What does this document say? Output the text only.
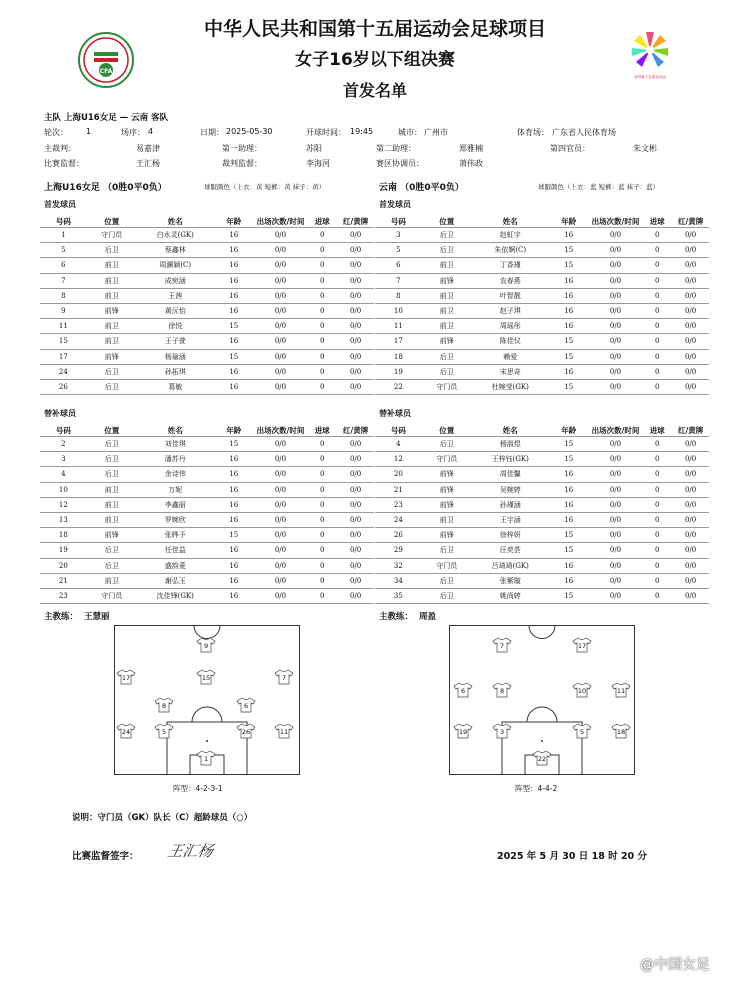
CFA
全国第十五届运动会
中华人民共和国第十五届运动会足球项目
女子16岁以下组决赛
首发名单
主队 上海U16女足 — 云南 客队
轮次： 1	场序： 4	日期： 2025-05-30	开球时间： 19:45	城市： 广州市	体育场： 广东省人民体育场
主裁判：	易嘉津	第一助理：	苏阳	第二助理：	郑雅楠	第四官员：	朱文彬
比赛监督：	王汇杨	裁判监督：	李海河	赛区协调员：	萧伟政
上海U16女足 （0胜0平0负）	球服颜色（上衣：黄 短裤：黄 袜子：黄）	云南 （0胜0平0负）	球服颜色（上衣：蓝 短裤：蓝 袜子：蓝）
首发球员	首发球员
号码	位置	姓名	年龄	出场次数/时间	进球	红/黄牌
1	守门员	白水灵(GK)	16	0/0	0	0/0
5	后卫	蔡鑫林	16	0/0	0	0/0
6	前卫	周灏颖(C)	16	0/0	0	0/0
7	前卫	成宛涵	16	0/0	0	0/0
8	前卫	王茜	16	0/0	0	0/0
9	前锋	黄沅怡	16	0/0	0	0/0
11	前卫	徐悦	15	0/0	0	0/0
15	前卫	王子萱	16	0/0	0	0/0
17	前锋	杨瑜涵	15	0/0	0	0/0
24	后卫	孙拓琪	16	0/0	0	0/0
26	后卫	葛敏	16	0/0	0	0/0
号码	位置	姓名	年龄	出场次数/时间	进球	红/黄牌
3	后卫	赵虹宇	16	0/0	0	0/0
5	后卫	朱依婀(C)	15	0/0	0	0/0
6	前卫	丁香瑾	15	0/0	0	0/0
7	前锋	农春燕	16	0/0	0	0/0
8	前卫	叶智靓	16	0/0	0	0/0
10	前卫	赵子琪	16	0/0	0	0/0
11	前卫	周瑶彤	16	0/0	0	0/0
17	前锋	陈佳仪	15	0/0	0	0/0
18	后卫	赖爱	15	0/0	0	0/0
19	后卫	宋思奇	16	0/0	0	0/0
22	守门员	杜婉莹(GK)	15	0/0	0	0/0
替补球员	替补球员
号码	位置	姓名	年龄	出场次数/时间	进球	红/黄牌
2	后卫	刘佳琪	15	0/0	0	0/0
3	后卫	潘苏丹	16	0/0	0	0/0
4	后卫	余诗伟	16	0/0	0	0/0
10	前卫	万妮	16	0/0	0	0/0
12	前卫	李鑫丽	16	0/0	0	0/0
13	前卫	罗婉欣	16	0/0	0	0/0
18	前锋	张晔予	15	0/0	0	0/0
19	后卫	任佳益	16	0/0	0	0/0
20	后卫	盛韵菱	16	0/0	0	0/0
21	前卫	谢弘玉	16	0/0	0	0/0
23	守门员	沈佳锋(GK)	16	0/0	0	0/0
号码	位置	姓名	年龄	出场次数/时间	进球	红/黄牌
4	后卫	杨淑煜	15	0/0	0	0/0
12	守门员	王梓钰(GK)	15	0/0	0	0/0
20	前锋	周佳馨	16	0/0	0	0/0
21	前锋	吴婉婷	16	0/0	0	0/0
23	前锋	孙瑾涵	16	0/0	0	0/0
24	前卫	王宇涵	16	0/0	0	0/0
26	前锋	徐梓妍	15	0/0	0	0/0
29	后卫	汪奕荟	15	0/0	0	0/0
32	守门员	吕琦琦(GK)	16	0/0	0	0/0
34	后卫	张紫璇	16	0/0	0	0/0
35	后卫	姚尚婷	15	0/0	0	0/0
主教练： 王慧丽	主教练： 周盈
9
17	15	7
8	6
24	5	26	11
1
7	17
6	8	10	11
19	3	5	18
22
阵型：4-2-3-1	阵型：4-4-2
说明：守门员（GK）队长（C）超龄球员（○）
比赛监督签字： 王汇杨	2025 年 5 月 30 日 18 时 20 分
@中国女足
